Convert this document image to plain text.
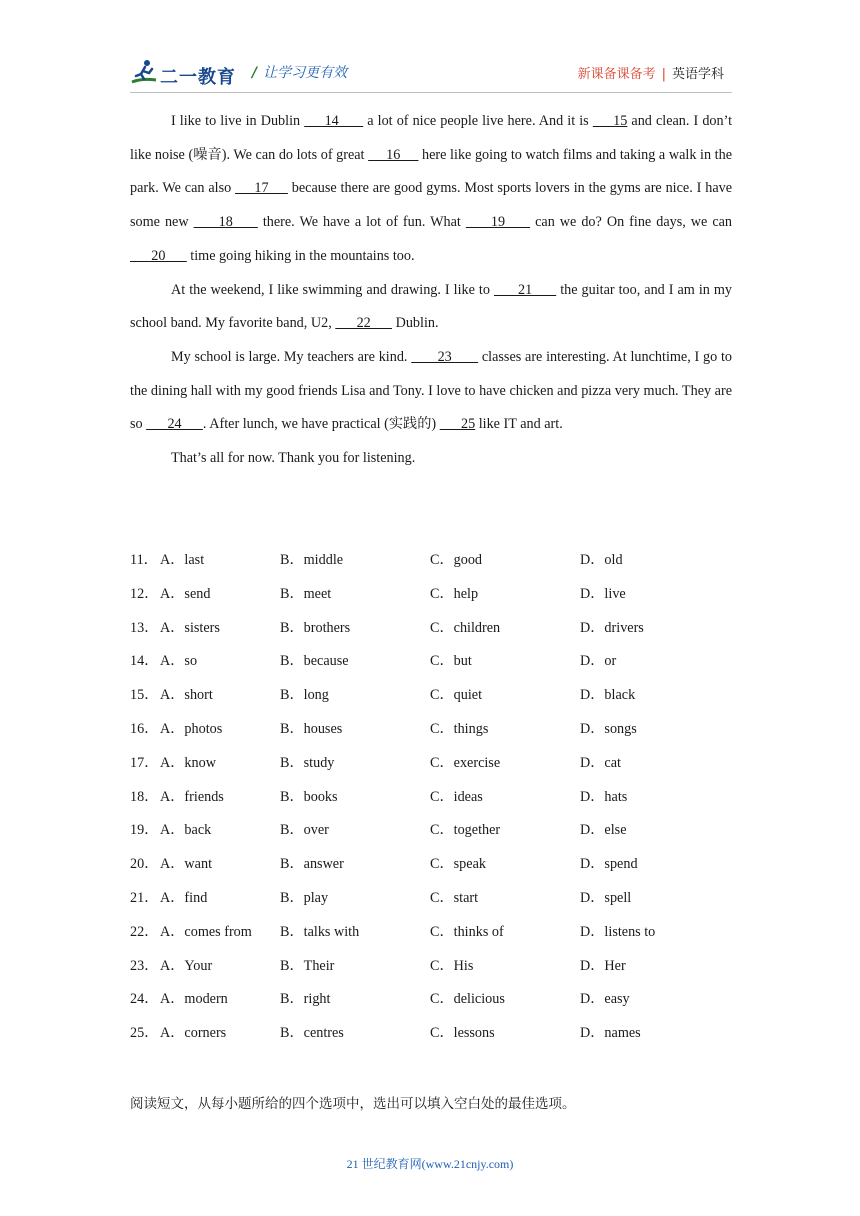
二一教育 / 让学习更有效	新课备课备考 | 英语学科

I like to live in Dublin      14       a lot of nice people live here. And it is      15 and clean. I don’t like noise (噪音). We can do lots of great      16      here like going to watch films and taking a walk in the park. We can also      17      because there are good gyms. Most sports lovers in the gyms are nice. I have some new      18      there. We have a lot of fun. What      19      can we do? On fine days, we can       20       time going hiking in the mountains too.

At the weekend, I like swimming and drawing. I like to       21       the guitar too, and I am in my school band. My favorite band, U2,       22       Dublin.

My school is large. My teachers are kind.        23        classes are interesting. At lunchtime, I go to the dining hall with my good friends Lisa and Tony. I love to have chicken and pizza very much. They are so       24      . After lunch, we have practical (实践的)       25 like IT and art.

That’s all for now. Thank you for listening.

11． A．last	B．middle	C．good	D．old
12． A．send	B．meet	C．help	D．live
13． A．sisters	B．brothers	C．children	D．drivers
14． A．so	B．because	C．but	D．or
15． A．short	B．long	C．quiet	D．black
16． A．photos	B．houses	C．things	D．songs
17． A．know	B．study	C．exercise	D．cat
18． A．friends	B．books	C．ideas	D．hats
19． A．back	B．over	C．together	D．else
20． A．want	B．answer	C．speak	D．spend
21． A．find	B．play	C．start	D．spell
22． A．comes from B．talks with	C．thinks of	D．listens to
23． A．Your	B．Their	C．His	D．Her
24． A．modern	B．right	C．delicious	D．easy
25． A．corners	B．centres	C．lessons	D．names
阅读短文，从每小题所给的四个选项中，选出可以填入空白处的最佳选项。
21 世纪教育网(www.21cnjy.com)
